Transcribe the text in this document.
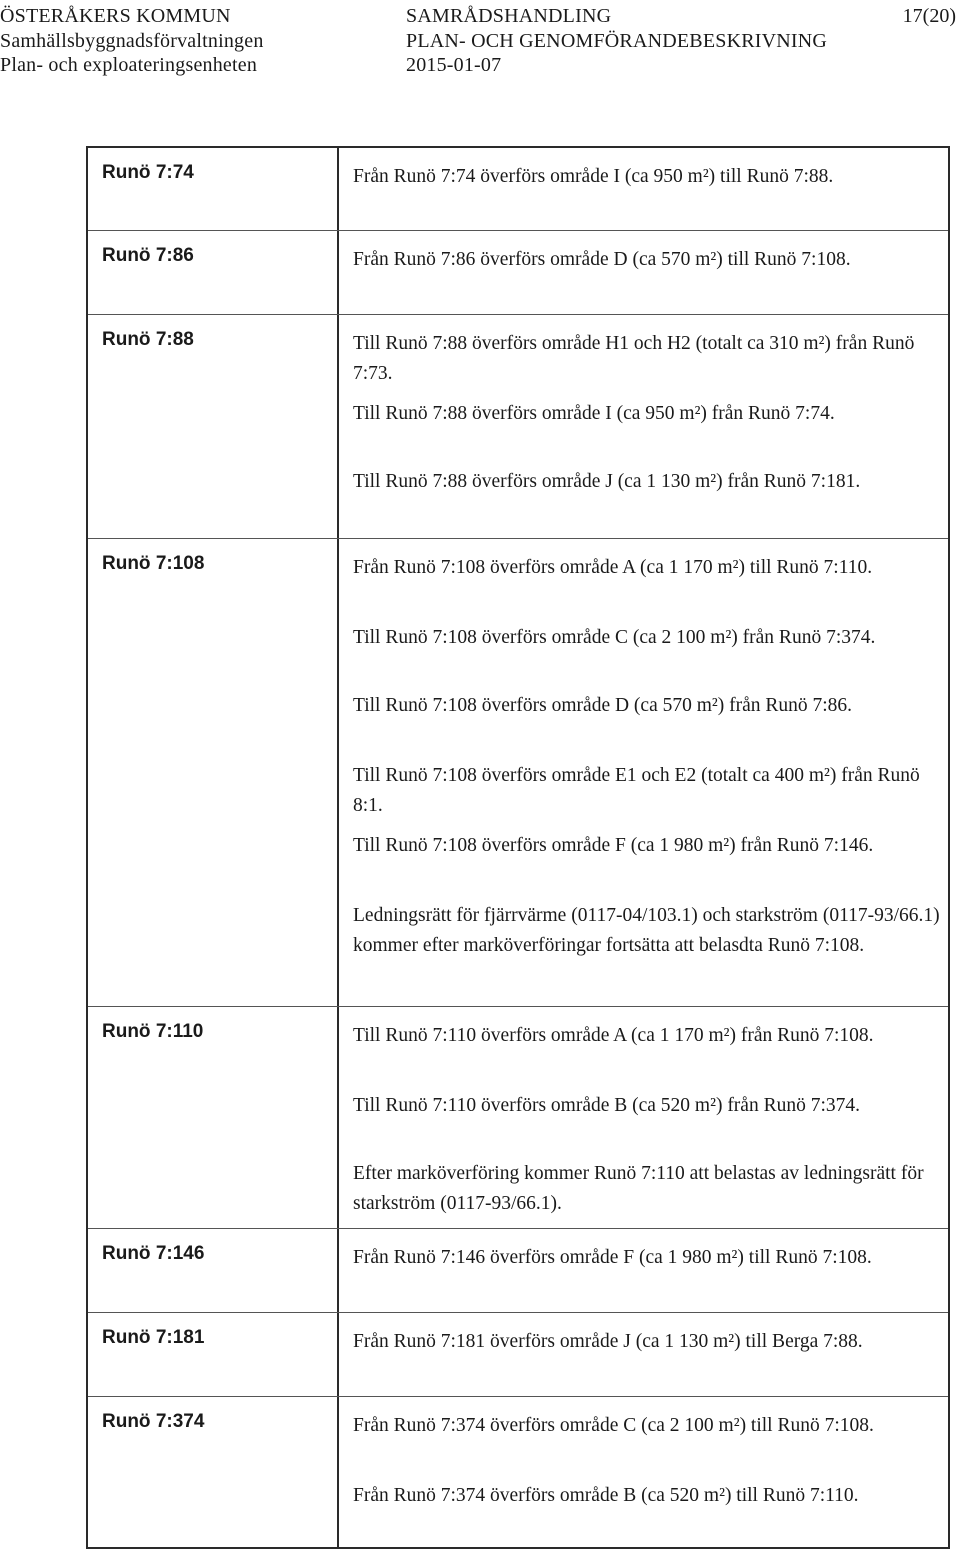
ÖSTERÅKERS KOMMUN
Samhällsbyggnadsförvaltningen
Plan- och exploateringsenheten
SAMRÅDSHANDLING
PLAN- OCH GENOMFÖRANDEBESKRIVNING
2015-01-07
17(20)
Runö 7:74	Från Runö 7:74 överförs område I (ca 950 m²) till Runö 7:88.

Runö 7:86	Från Runö 7:86 överförs område D (ca 570 m²) till Runö 7:108.

Runö 7:88	Till Runö 7:88 överförs område H1 och H2 (totalt ca 310 m²) från Runö 7:73.

Till Runö 7:88 överförs område I (ca 950 m²) från Runö 7:74.

Till Runö 7:88 överförs område J (ca 1 130 m²) från Runö 7:181.

Runö 7:108	Från Runö 7:108 överförs område A (ca 1 170 m²) till Runö 7:110.

Till Runö 7:108 överförs område C (ca 2 100 m²) från Runö 7:374.

Till Runö 7:108 överförs område D (ca 570 m²) från Runö 7:86.

Till Runö 7:108 överförs område E1 och E2 (totalt ca 400 m²) från Runö 8:1.

Till Runö 7:108 överförs område F (ca 1 980 m²) från Runö 7:146.

Ledningsrätt för fjärrvärme (0117-04/103.1) och starkström (0117-93/66.1) kommer efter marköverföringar fortsätta att belasdta Runö 7:108.

Runö 7:110	Till Runö 7:110 överförs område A (ca 1 170 m²) från Runö 7:108.

Till Runö 7:110 överförs område B (ca 520 m²) från Runö 7:374.

Efter marköverföring kommer Runö 7:110 att belastas av ledningsrätt för starkström (0117-93/66.1).

Runö 7:146	Från Runö 7:146 överförs område F (ca 1 980 m²) till Runö 7:108.

Runö 7:181	Från Runö 7:181 överförs område J (ca 1 130 m²) till Berga 7:88.

Runö 7:374	Från Runö 7:374 överförs område C (ca 2 100 m²) till Runö 7:108.

Från Runö 7:374 överförs område B (ca 520 m²) till Runö 7:110.
